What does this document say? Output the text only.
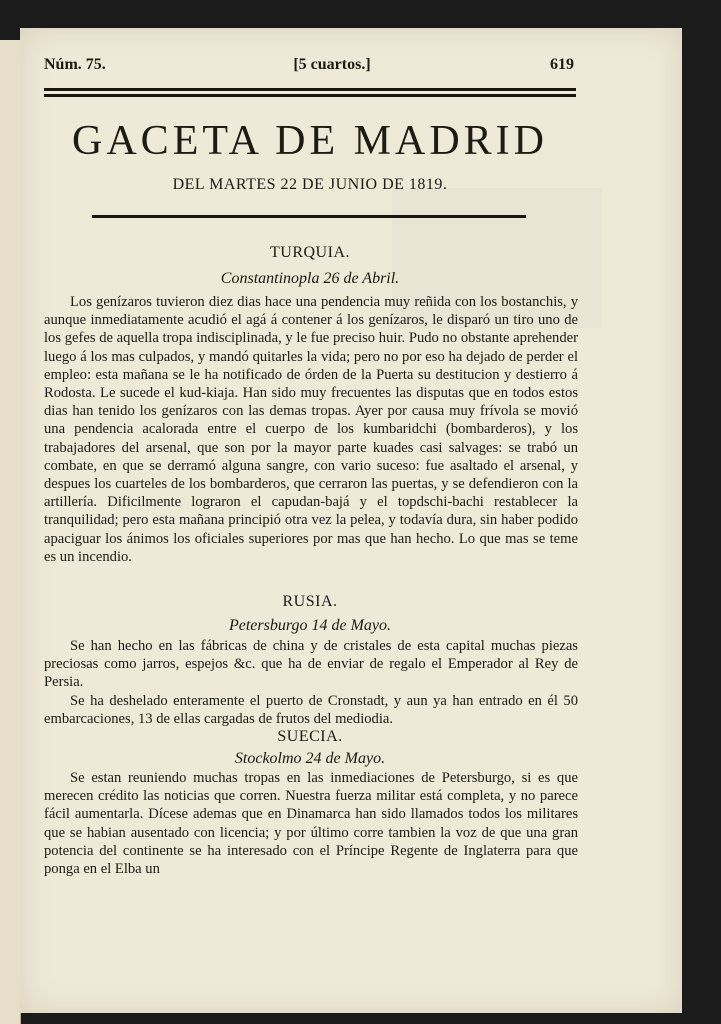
Núm. 75.	[5 cuartos.]	619
GACETA DE MADRID
DEL MARTES 22 DE JUNIO DE 1819.
TURQUIA.
Constantinopla 26 de Abril.

Los genízaros tuvieron diez dias hace una pendencia muy reñida con los bostanchis, y aunque inmediatamente acudió el agá á contener á los genízaros, le disparó un tiro uno de los gefes de aquella tropa indisciplinada, y le fue preciso huir. Pudo no obstante aprehender luego á los mas culpados, y mandó quitarles la vida; pero no por eso ha dejado de perder el empleo: esta mañana se le ha notificado de órden de la Puerta su destitucion y destierro á Rodosta. Le sucede el kud-kiaja. Han sido muy frecuentes las disputas que en todos estos dias han tenido los genízaros con las demas tropas. Ayer por causa muy frívola se movió una pendencia acalorada entre el cuerpo de los kumbaridchi (bombarderos), y los trabajadores del arsenal, que son por la mayor parte kuades casi salvages: se trabó un combate, en que se derramó alguna sangre, con vario suceso: fue asaltado el arsenal, y despues los cuarteles de los bombarderos, que cerraron las puertas, y se defendieron con la artillería. Dificilmente lograron el capudan-bajá y el topdschi-bachi restablecer la tranquilidad; pero esta mañana principió otra vez la pelea, y todavía dura, sin haber podido apaciguar los ánimos los oficiales superiores por mas que han hecho. Lo que mas se teme es un incendio.

RUSIA.
Petersburgo 14 de Mayo.

Se han hecho en las fábricas de china y de cristales de esta capital muchas piezas preciosas como jarros, espejos &c. que ha de enviar de regalo el Emperador al Rey de Persia.

Se ha deshelado enteramente el puerto de Cronstadt, y aun ya han entrado en él 50 embarcaciones, 13 de ellas cargadas de frutos del mediodia.

SUECIA.
Stockolmo 24 de Mayo.

Se estan reuniendo muchas tropas en las inmediaciones de Petersburgo, si es que merecen crédito las noticias que corren. Nuestra fuerza militar está completa, y no parece fácil aumentarla. Dícese ademas que en Dinamarca han sido llamados todos los militares que se habian ausentado con licencia; y por último corre tambien la voz de que una gran potencia del continente se ha interesado con el Príncipe Regente de Inglaterra para que ponga en el Elba un
